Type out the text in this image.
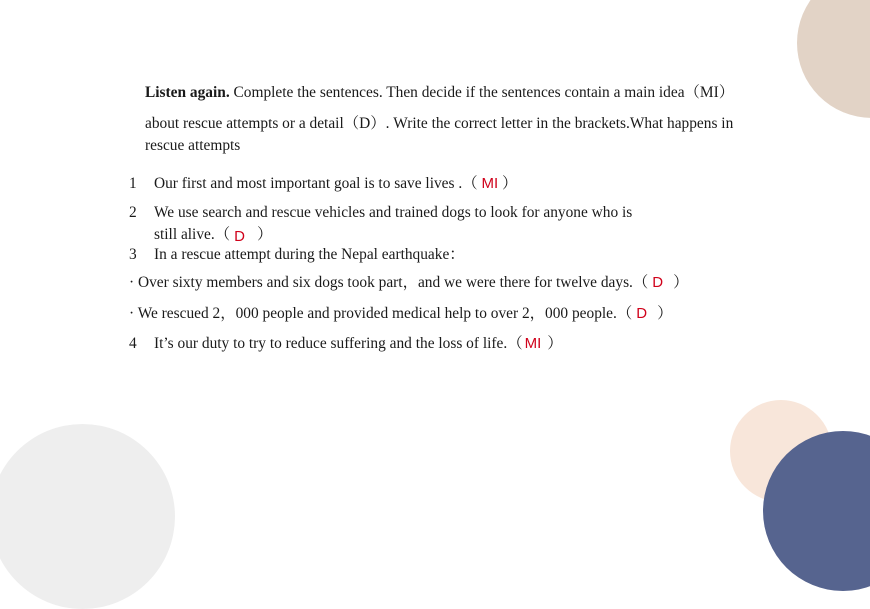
Listen again. Complete the sentences. Then decide if the sentences contain a main idea（MI）
about rescue attempts or a detail（D）. Write the correct letter in the brackets.What happens in
rescue attempts
1 Our first and most important goal is to save lives .（ MI ）
2 We use search and rescue vehicles and trained dogs to look for anyone who is
still alive.（ D ）
3 In a rescue attempt during the Nepal earthquake：
· Over sixty members and six dogs took part，and we were there for twelve days.（ D ）
· We rescued 2，000 people and provided medical help to over 2，000 people.（ D ）
4 It’s our duty to try to reduce suffering and the loss of life.（ MI ）
